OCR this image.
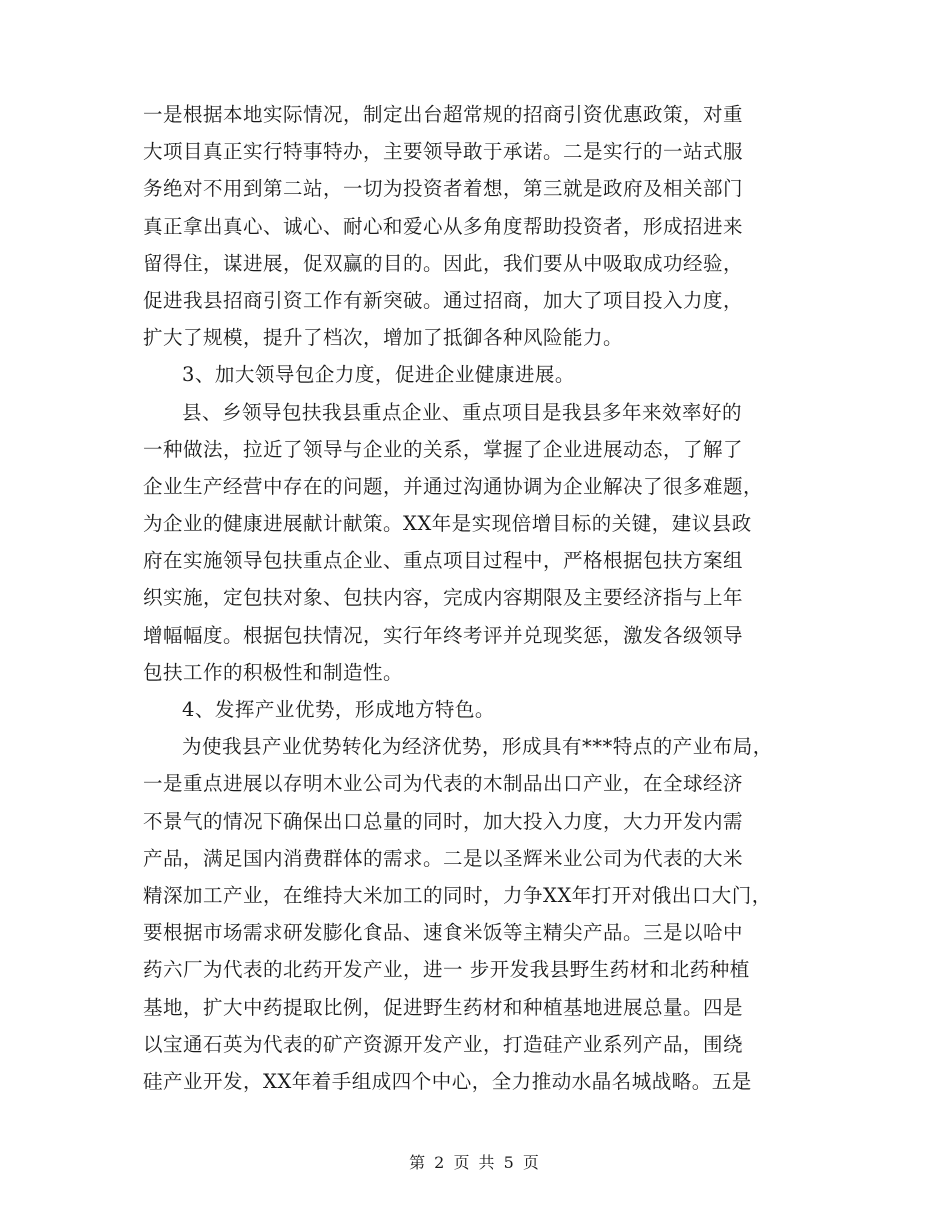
一是根据本地实际情况，制定出台超常规的招商引资优惠政策，对重
大项目真正实行特事特办，主要领导敢于承诺。二是实行的一站式服
务绝对不用到第二站，一切为投资者着想，第三就是政府及相关部门
真正拿出真心、诚心、耐心和爱心从多角度帮助投资者，形成招进来
留得住，谋进展，促双赢的目的。因此，我们要从中吸取成功经验，
促进我县招商引资工作有新突破。通过招商，加大了项目投入力度，
扩大了规模，提升了档次，增加了抵御各种风险能力。
3、加大领导包企力度，促进企业健康进展。
县、乡领导包扶我县重点企业、重点项目是我县多年来效率好的
一种做法，拉近了领导与企业的关系，掌握了企业进展动态，了解了
企业生产经营中存在的问题，并通过沟通协调为企业解决了很多难题，
为企业的健康进展献计献策。XX年是实现倍增目标的关键，建议县政
府在实施领导包扶重点企业、重点项目过程中，严格根据包扶方案组
织实施，定包扶对象、包扶内容，完成内容期限及主要经济指与上年
增幅幅度。根据包扶情况，实行年终考评并兑现奖惩，激发各级领导
包扶工作的积极性和制造性。
4、发挥产业优势，形成地方特色。
为使我县产业优势转化为经济优势，形成具有***特点的产业布局，
一是重点进展以存明木业公司为代表的木制品出口产业，在全球经济
不景气的情况下确保出口总量的同时，加大投入力度，大力开发内需
产品，满足国内消费群体的需求。二是以圣辉米业公司为代表的大米
精深加工产业，在维持大米加工的同时，力争XX年打开对俄出口大门，
要根据市场需求研发膨化食品、速食米饭等主精尖产品。三是以哈中
药六厂为代表的北药开发产业，进一 步开发我县野生药材和北药种植
基地，扩大中药提取比例，促进野生药材和种植基地进展总量。四是
以宝通石英为代表的矿产资源开发产业，打造硅产业系列产品，围绕
硅产业开发，XX年着手组成四个中心，全力推动水晶名城战略。五是
第 2 页 共 5 页
